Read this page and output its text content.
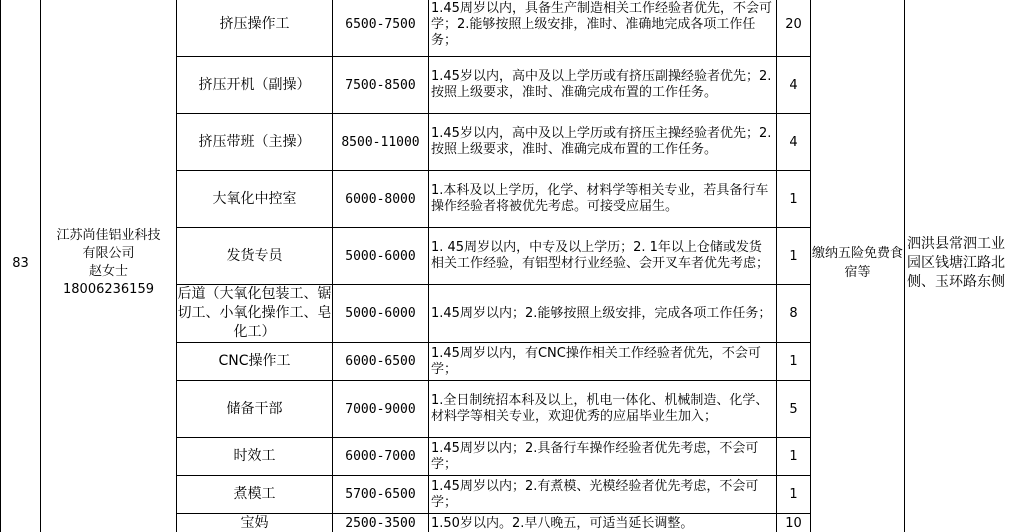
83	江苏尚佳铝业科技
有限公司
赵女士
18006236159	挤压操作工	6500-7500	1.45周岁以内，具备生产制造相关工作经验者优先，不会可学；2.能够按照上级安排，准时、准确地完成各项工作任务；	20	缴纳五险免费食宿等	泗洪县常泗工业园区钱塘江路北侧、玉环路东侧
		挤压开机（副操）	7500-8500	1.45岁以内，高中及以上学历或有挤压副操经验者优先；2.按照上级要求，准时、准确完成布置的工作任务。	4		
		挤压带班（主操）	8500-11000	1.45岁以内，高中及以上学历或有挤压主操经验者优先；2.按照上级要求，准时、准确完成布置的工作任务。	4		
		大氧化中控室	6000-8000	1.本科及以上学历，化学、材料学等相关专业，若具备行车操作经验者将被优先考虑。可接受应届生。	1		
		发货专员	5000-6000	1. 45周岁以内，中专及以上学历；2. 1年以上仓储或发货相关工作经验，有铝型材行业经验、会开叉车者优先考虑；	1		
		后道（大氧化包装工、锯切工、小氧化操作工、皂化工）	5000-6000	1.45周岁以内；2.能够按照上级安排，完成各项工作任务；	8		
		CNC操作工	6000-6500	1.45周岁以内，有CNC操作相关工作经验者优先，不会可学；	1		
		储备干部	7000-9000	1.全日制统招本科及以上，机电一体化、机械制造、化学、材料学等相关专业，欢迎优秀的应届毕业生加入；	5		
		时效工	6000-7000	1.45周岁以内；2.具备行车操作经验者优先考虑，不会可学；	1		
		煮模工	5700-6500	1.45周岁以内；2.有煮模、光模经验者优先考虑，不会可学；	1		
		宝妈	2500-3500	1.50岁以内。2.早八晚五，可适当延长调整。	10		
